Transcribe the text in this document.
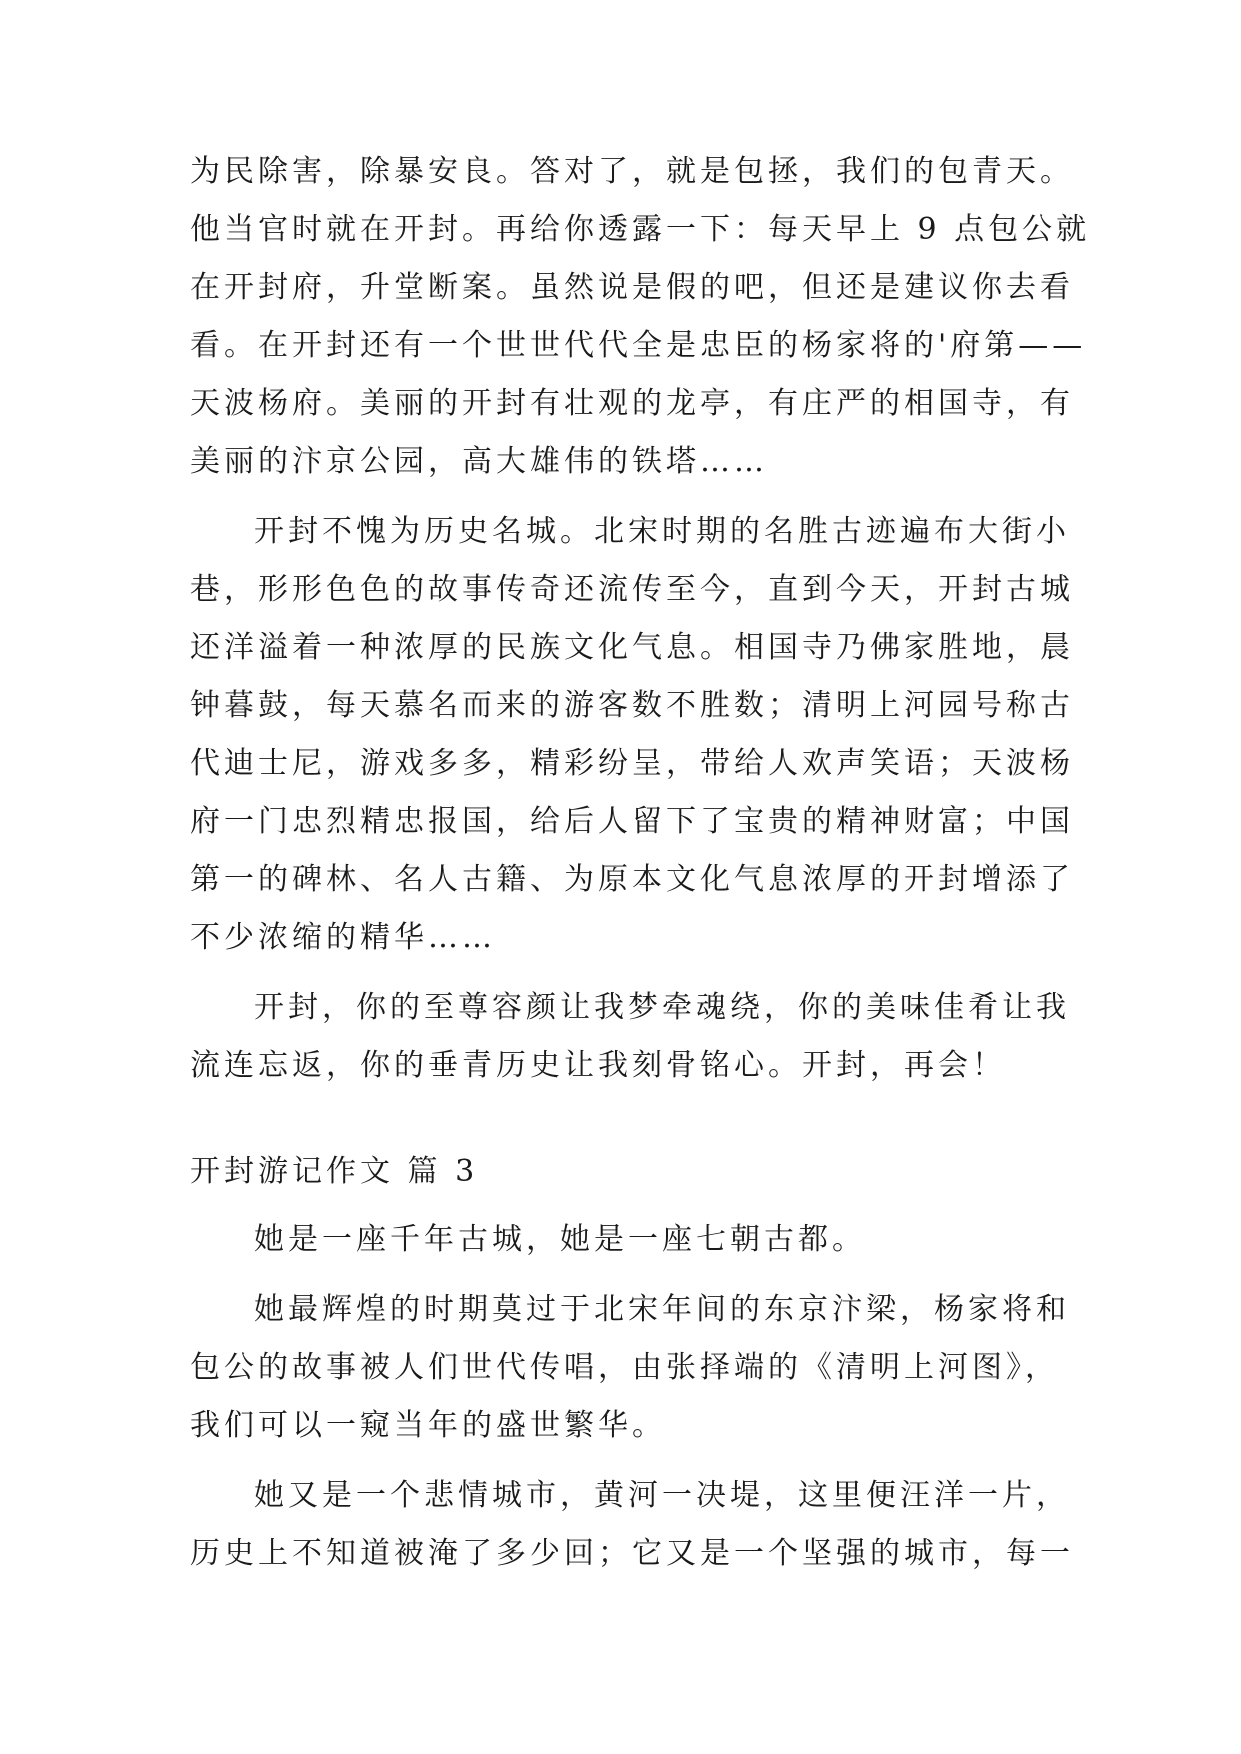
为民除害，除暴安良。答对了，就是包拯，我们的包青天。
他当官时就在开封。再给你透露一下：每天早上 9 点包公就
在开封府，升堂断案。虽然说是假的吧，但还是建议你去看
看。在开封还有一个世世代代全是忠臣的杨家将的'府第——
天波杨府。美丽的开封有壮观的龙亭，有庄严的相国寺，有
美丽的汴京公园，高大雄伟的铁塔……
开封不愧为历史名城。北宋时期的名胜古迹遍布大街小
巷，形形色色的故事传奇还流传至今，直到今天，开封古城
还洋溢着一种浓厚的民族文化气息。相国寺乃佛家胜地，晨
钟暮鼓，每天慕名而来的游客数不胜数；清明上河园号称古
代迪士尼，游戏多多，精彩纷呈，带给人欢声笑语；天波杨
府一门忠烈精忠报国，给后人留下了宝贵的精神财富；中国
第一的碑林、名人古籍、为原本文化气息浓厚的开封增添了
不少浓缩的精华……
开封，你的至尊容颜让我梦牵魂绕，你的美味佳肴让我
流连忘返，你的垂青历史让我刻骨铭心。开封，再会！
开封游记作文 篇 3
她是一座千年古城，她是一座七朝古都。
她最辉煌的时期莫过于北宋年间的东京汴梁，杨家将和
包公的故事被人们世代传唱，由张择端的《清明上河图》，
我们可以一窥当年的盛世繁华。
她又是一个悲情城市，黄河一决堤，这里便汪洋一片，
历史上不知道被淹了多少回；它又是一个坚强的城市，每一
